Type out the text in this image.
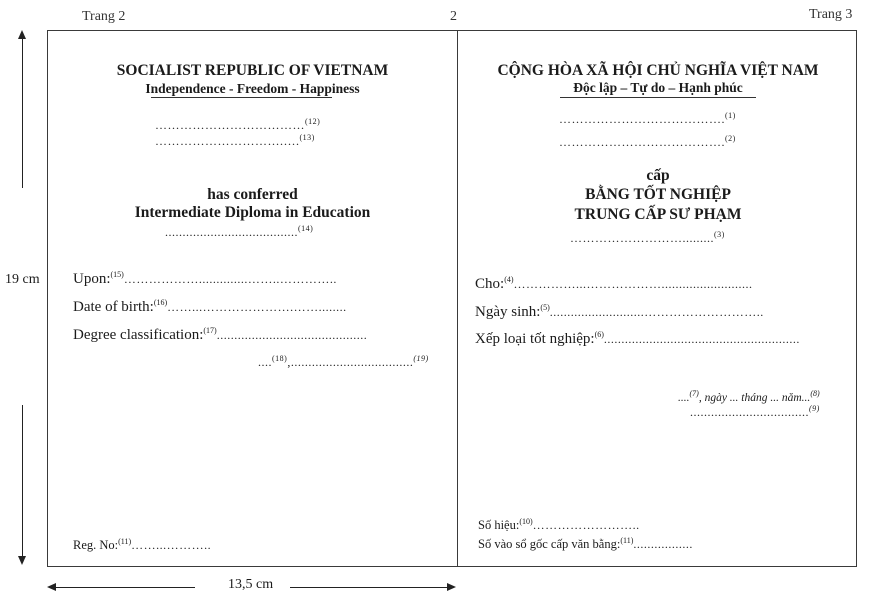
Trang 2	2	Trang 3
19 cm
13,5 cm
SOCIALIST REPUBLIC OF VIETNAM
Independence - Freedom - Happiness
………………………………$^{(12)}$
………………………….….$^{(13)}$
has conferred
Intermediate Diploma in Education
......................................$^{(14)}$
Upon:$^{(15)}$………………..............……..…………..
Date of birth:$^{(16)}$……...………………….……........
Degree classification:$^{(17)}$...........................................
....$^{(18)}$,...................................$^{(19)}$
Reg. No:$^{(11)}$……...………..
CỘNG HÒA XÃ HỘI CHỦ NGHĨA VIỆT NAM
Độc lập – Tự do – Hạnh phúc
………………………………….$^{(1)}$
………………………………….$^{(2)}$
cấp
BẰNG TỐT NGHIỆP
TRUNG CẤP SƯ PHẠM
……………………….........$^{(3)}$
Cho:$^{(4)}$……………...………………..........................
Ngày sinh:$^{(5)}$...........................………………………..
Xếp loại tốt nghiệp:$^{(6)}$........................................................
....$^{(7)}$, ngày ... tháng ... năm...$^{(8)}$
..................................$^{(9)}$
Số hiệu:$^{(10)}$……………………..
Số vào sổ gốc cấp văn bằng:$^{(11)}$.................
